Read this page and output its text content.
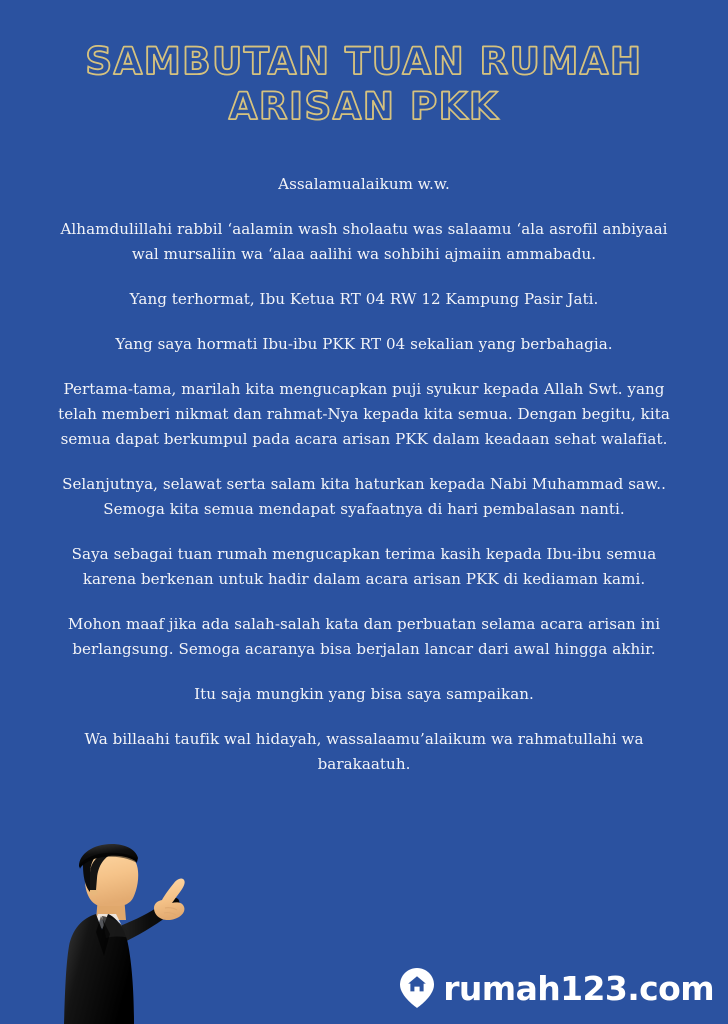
SAMBUTAN TUAN RUMAH
ARISAN PKK

Assalamualaikum w.w.

Alhamdulillahi rabbil ‘aalamin wash sholaatu was salaamu ‘ala asrofil anbiyaai wal mursaliin wa ‘alaa aalihi wa sohbihi ajmaiin ammabadu.

Yang terhormat, Ibu Ketua RT 04 RW 12 Kampung Pasir Jati.

Yang saya hormati Ibu-ibu PKK RT 04 sekalian yang berbahagia.

Pertama-tama, marilah kita mengucapkan puji syukur kepada Allah Swt. yang telah memberi nikmat dan rahmat-Nya kepada kita semua. Dengan begitu, kita semua dapat berkumpul pada acara arisan PKK dalam keadaan sehat walafiat.

Selanjutnya, selawat serta salam kita haturkan kepada Nabi Muhammad saw.. Semoga kita semua mendapat syafaatnya di hari pembalasan nanti.

Saya sebagai tuan rumah mengucapkan terima kasih kepada Ibu-ibu semua karena berkenan untuk hadir dalam acara arisan PKK di kediaman kami.

Mohon maaf jika ada salah-salah kata dan perbuatan selama acara arisan ini berlangsung. Semoga acaranya bisa berjalan lancar dari awal hingga akhir.

Itu saja mungkin yang bisa saya sampaikan.

Wa billaahi taufik wal hidayah, wassalaamu’alaikum wa rahmatullahi wa barakaatuh.

rumah123.com
